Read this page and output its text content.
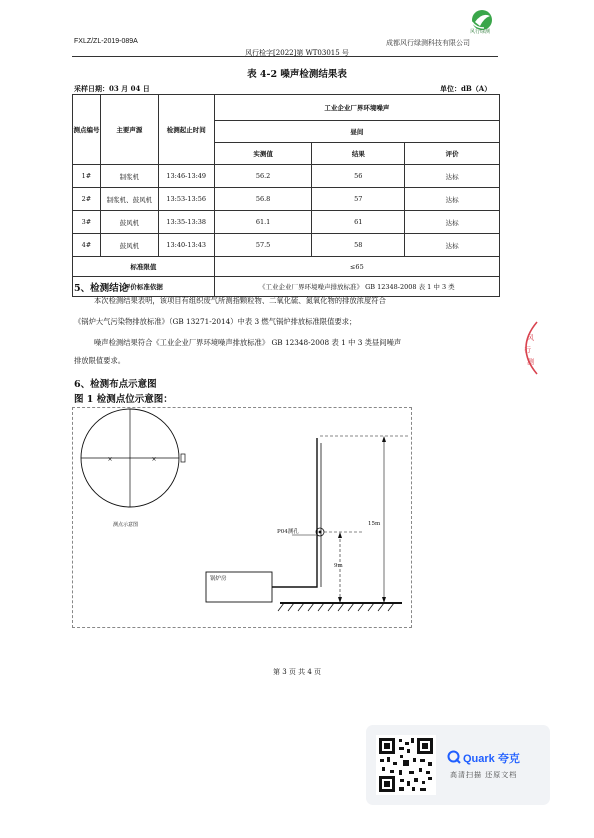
FXLZ/ZL-2019-089A
风行绿测
成都风行绿测科技有限公司
风行检字[2022]第 WT03015 号
表 4-2 噪声检测结果表
采样日期：03 月 04 日	单位：dB（A）
测点编号	主要声源	检测起止时间	工业企业厂界环境噪声		
			昼间		
			实测值	结果	评价
1#	制浆机	13:46-13:49	56.2	56	达标
2#	制浆机、鼓风机	13:53-13:56	56.8	57	达标
3#	鼓风机	13:35-13:38	61.1	61	达标
4#	鼓风机	13:40-13:43	57.5	58	达标
标准限值			≤65		
评价标准依据			《工业企业厂界环境噪声排放标准》 GB 12348-2008 表 1 中 3 类		
5、检测结论
本次检测结果表明，该项目有组织废气所测指颗粒物、二氧化硫、氮氧化物的排放浓度符合
《锅炉大气污染物排放标准》（GB 13271-2014）中表 3 燃气锅炉排放标准限值要求；
噪声检测结果符合《工业企业厂界环境噪声排放标准》 GB 12348-2008 表 1 中 3 类昼间噪声
排放限值要求。
6、检测布点示意图
图 1 检测点位示意图：
×	×
测点示意图
P04测孔
15m
9m
锅炉房
风
行
测
第 3 页 共 4 页
Quark 夸克
高清扫描 还原文档
